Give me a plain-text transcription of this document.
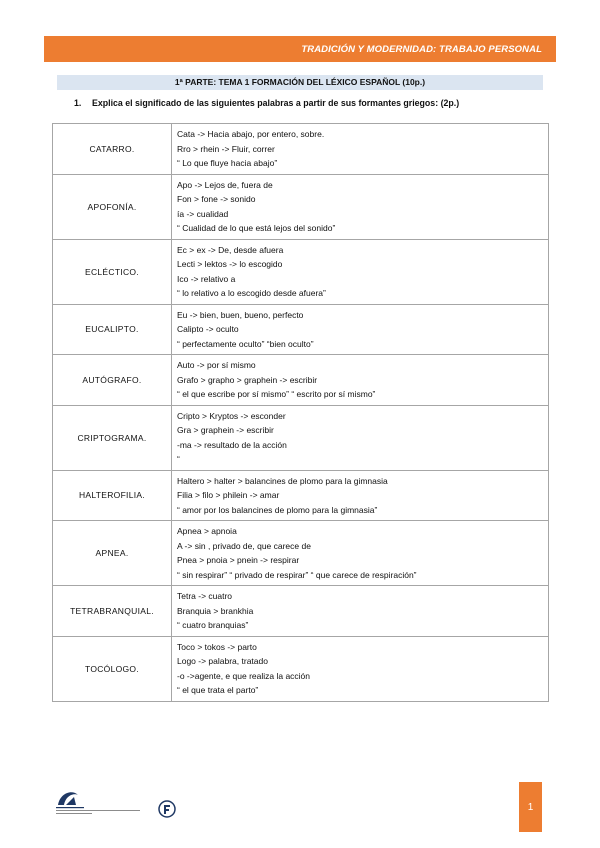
TRADICIÓN Y MODERNIDAD: TRABAJO PERSONAL
1ª PARTE: TEMA 1 FORMACIÓN DEL LÉXICO ESPAÑOL (10p.)
1. Explica el significado de las siguientes palabras a partir de sus formantes griegos: (2p.)
CATARRO.	Cata -> Hacia abajo, por entero, sobre.
Rro > rhein -> Fluir, correr
“ Lo que fluye hacia abajo”

APOFONÍA.	Apo -> Lejos de, fuera de
Fon > fone -> sonido
ía -> cualidad
“ Cualidad de lo que está lejos del sonido”

ECLÉCTICO.	Ec > ex -> De, desde afuera
Lecti > lektos -> lo escogido
Ico -> relativo a
“ lo relativo a lo escogido desde afuera”

EUCALIPTO.	Eu -> bien, buen, bueno, perfecto
Calipto -> oculto
“ perfectamente oculto” “bien oculto”

AUTÓGRAFO.	Auto -> por sí mismo
Grafo > grapho > graphein -> escribir
“ el que escribe por sí mismo” “ escrito por sí mismo”

CRIPTOGRAMA.	Cripto > Kryptos -> esconder
Gra > graphein -> escribir
-ma -> resultado de la acción
“

HALTEROFILIA.	Haltero > halter > balancines de plomo para la gimnasia
Filia > filo > philein -> amar
“ amor por los balancines de plomo para la gimnasia”

APNEA.	Apnea > apnoia
A -> sin , privado de, que carece de
Pnea > pnoia > pnein -> respirar
“ sin respirar” “ privado de respirar” “ que carece de respiración”

TETRABRANQUIAL.	Tetra -> cuatro
Branquia > brankhia
“ cuatro branquias”

TOCÓLOGO.	Toco > tokos -> parto
Logo -> palabra, tratado
-o ->agente, e que realiza la acción
“ el que trata el parto”
1
